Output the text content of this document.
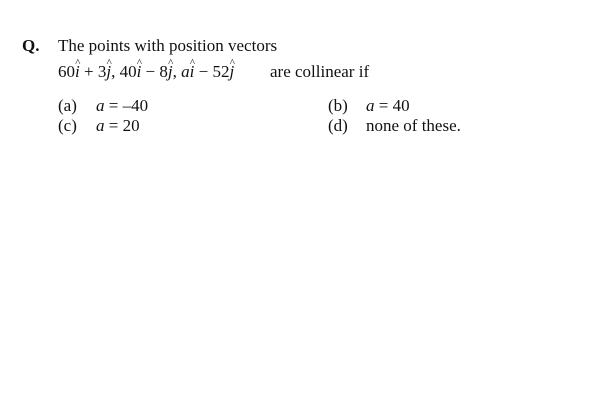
Q. The points with position vectors
60^ i + 3^ j, 40^ i − 8^ j, a^ i − 52^ j are collinear if
(a) a = –40	(b) a = 40
(c) a = 20	(d) none of these.
